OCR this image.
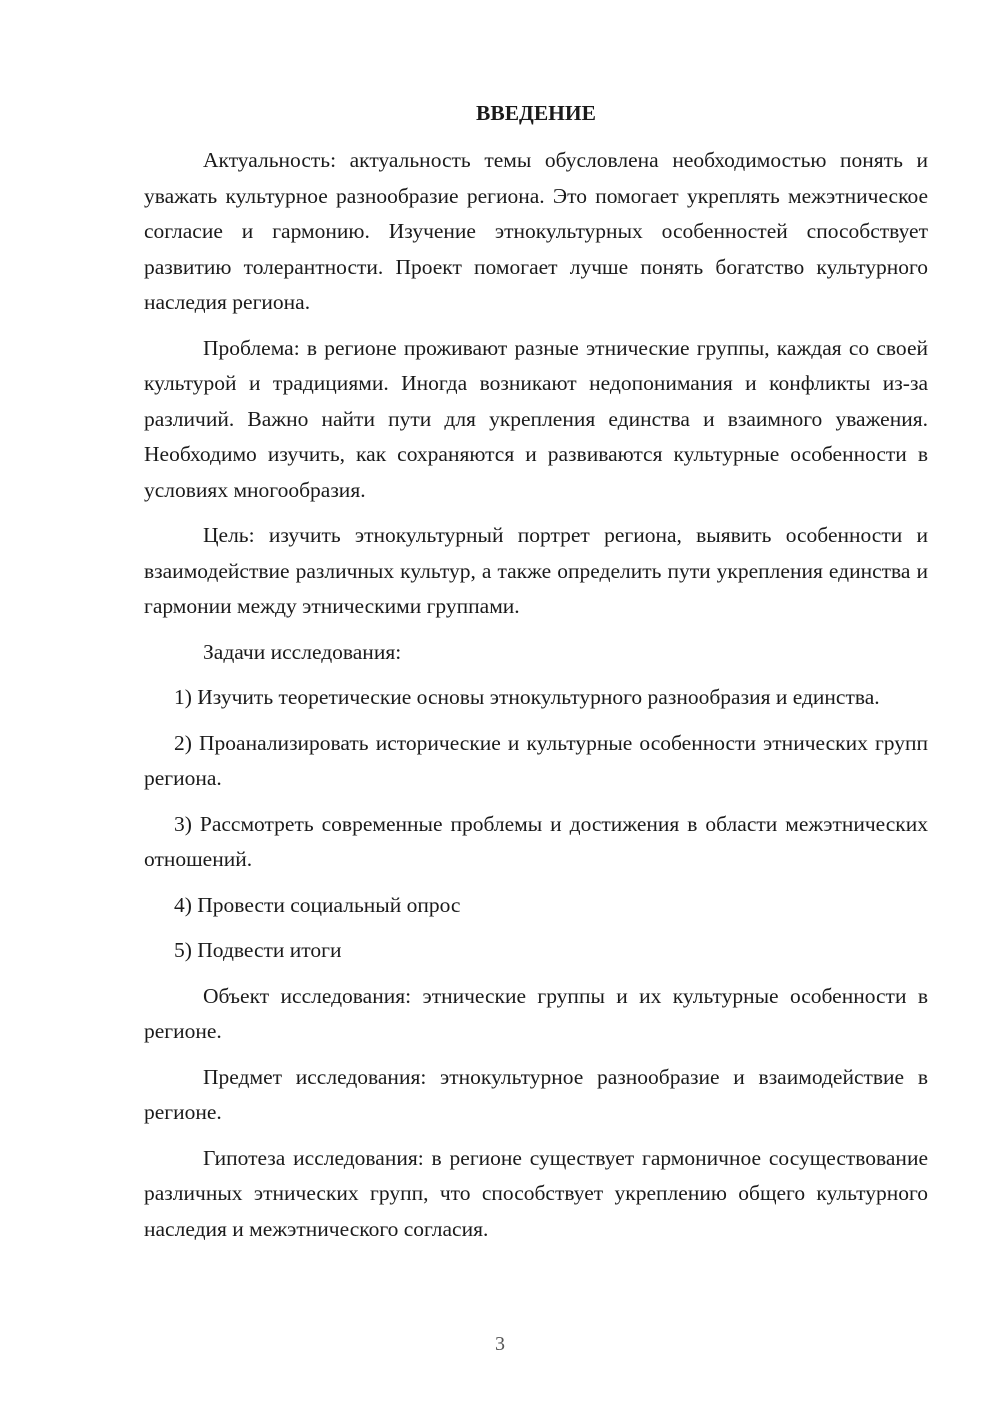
ВВЕДЕНИЕ

Актуальность: актуальность темы обусловлена необходимостью понять и уважать культурное разнообразие региона. Это помогает укреплять межэтническое согласие и гармонию. Изучение этнокультурных особенностей способствует развитию толерантности. Проект помогает лучше понять богатство культурного наследия региона.

Проблема: в регионе проживают разные этнические группы, каждая со своей культурой и традициями. Иногда возникают недопонимания и конфликты из-за различий. Важно найти пути для укрепления единства и взаимного уважения. Необходимо изучить, как сохраняются и развиваются культурные особенности в условиях многообразия.

Цель: изучить этнокультурный портрет региона, выявить особенности и взаимодействие различных культур, а также определить пути укрепления единства и гармонии между этническими группами.

Задачи исследования:

1) Изучить теоретические основы этнокультурного разнообразия и единства.

2) Проанализировать исторические и культурные особенности этнических групп региона.

3) Рассмотреть современные проблемы и достижения в области межэтнических отношений.

4) Провести социальный опрос

5) Подвести итоги

Объект исследования: этнические группы и их культурные особенности в регионе.

Предмет исследования: этнокультурное разнообразие и взаимодействие в регионе.

Гипотеза исследования: в регионе существует гармоничное сосуществование различных этнических групп, что способствует укреплению общего культурного наследия и межэтнического согласия.

3
